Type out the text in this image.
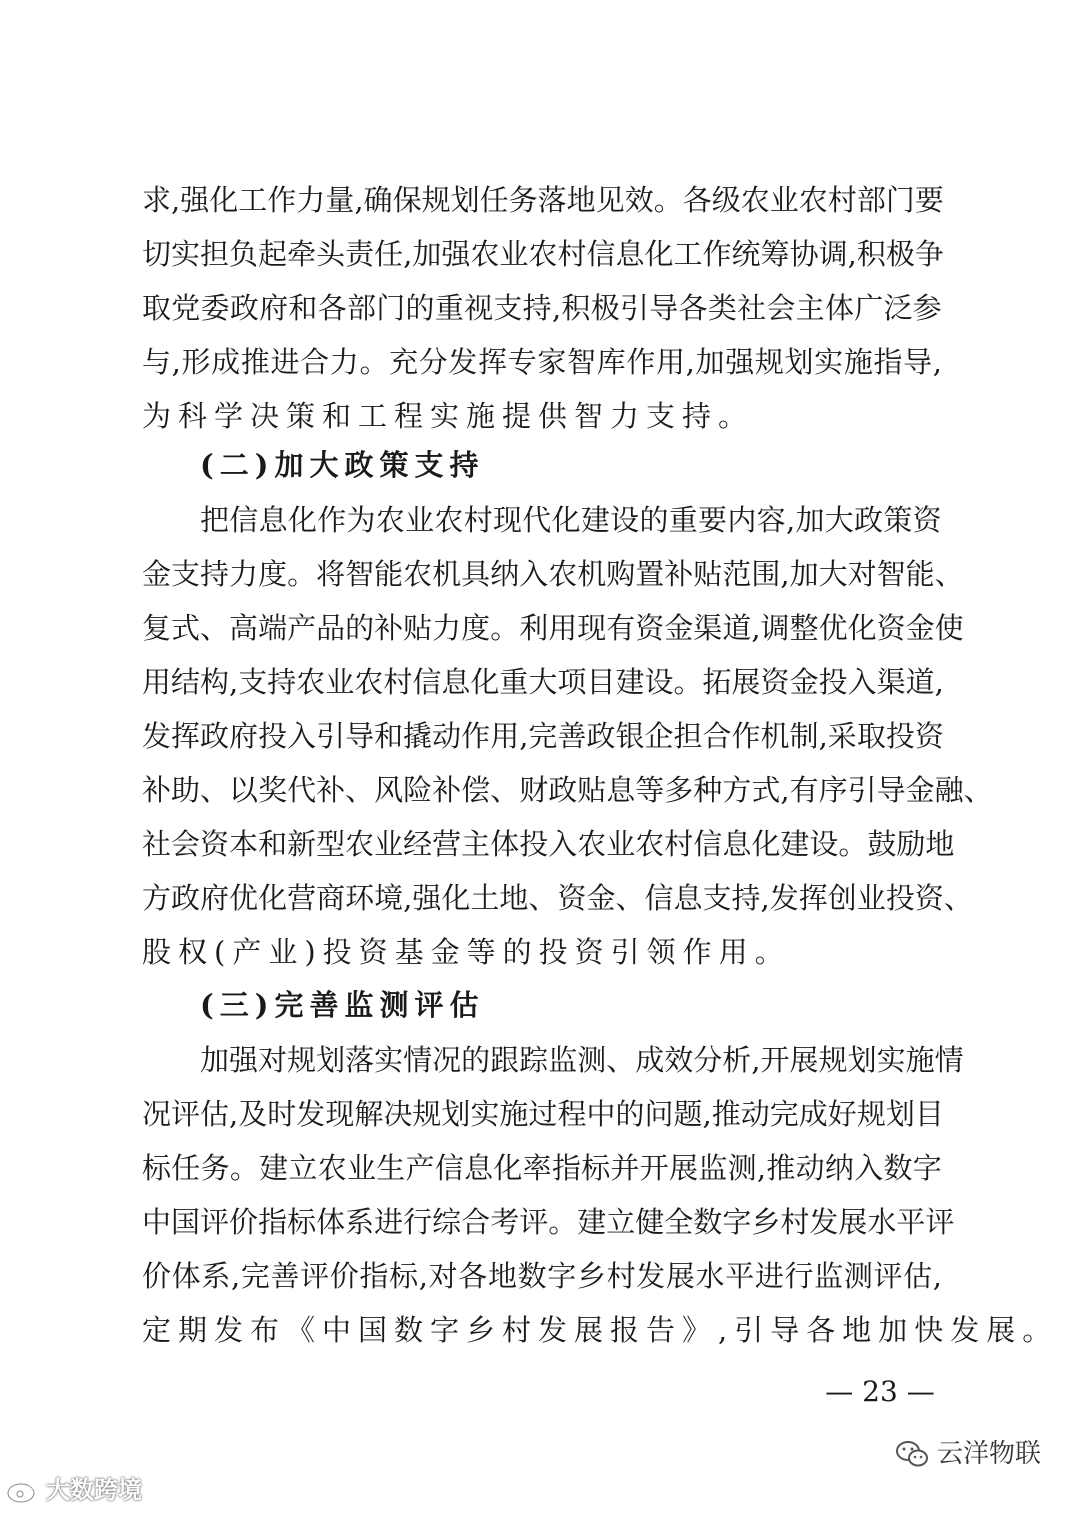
求 , 强 化 工 作 力 量 , 确 保 规 划 任 务 落 地 见 效 。 各 级 农 业 农 村 部 门 要
切 实 担 负 起 牵 头 责 任 , 加 强 农 业 农 村 信 息 化 工 作 统 筹 协 调 , 积 极 争
取 党 委 政 府 和 各 部 门 的 重 视 支 持 , 积 极 引 导 各 类 社 会 主 体 广 泛 参
与 , 形 成 推 进 合 力 。 充 分 发 挥 专 家 智 库 作 用 , 加 强 规 划 实 施 指 导 ,
为科学决策和工程实施提供智力支持。
(二)加大政策支持
把 信 息 化 作 为 农 业 农 村 现 代 化 建 设 的 重 要 内 容 , 加 大 政 策 资
金 支 持 力 度 。 将 智 能 农 机 具 纳 入 农 机 购 置 补 贴 范 围 , 加 大 对 智 能 、
复 式 、 高 端 产 品 的 补 贴 力 度 。 利 用 现 有 资 金 渠 道 , 调 整 优 化 资 金 使
用 结 构 , 支 持 农 业 农 村 信 息 化 重 大 项 目 建 设 。 拓 展 资 金 投 入 渠 道 ,
发 挥 政 府 投 入 引 导 和 撬 动 作 用 , 完 善 政 银 企 担 合 作 机 制 , 采 取 投 资
补 助 、 以 奖 代 补 、 风 险 补 偿 、 财 政 贴 息 等 多 种 方 式 , 有 序 引 导 金 融 、
社 会 资 本 和 新 型 农 业 经 营 主 体 投 入 农 业 农 村 信 息 化 建 设 。 鼓 励 地
方 政 府 优 化 营 商 环 境 , 强 化 土 地 、 资 金 、 信 息 支 持 , 发 挥 创 业 投 资 、
股权(产业)投资基金等的投资引领作用。
(三)完善监测评估
加 强 对 规 划 落 实 情 况 的 跟 踪 监 测 、 成 效 分 析 , 开 展 规 划 实 施 情
况 评 估 , 及 时 发 现 解 决 规 划 实 施 过 程 中 的 问 题 , 推 动 完 成 好 规 划 目
标 任 务 。 建 立 农 业 生 产 信 息 化 率 指 标 并 开 展 监 测 , 推 动 纳 入 数 字
中 国 评 价 指 标 体 系 进 行 综 合 考 评 。 建 立 健 全 数 字 乡 村 发 展 水 平 评
价 体 系 , 完 善 评 价 指 标 , 对 各 地 数 字 乡 村 发 展 水 平 进 行 监 测 评 估 ,
定期发布《中国数字乡村发展报告》,引导各地加快发展。
— 23 —
大数跨境
云洋物联
